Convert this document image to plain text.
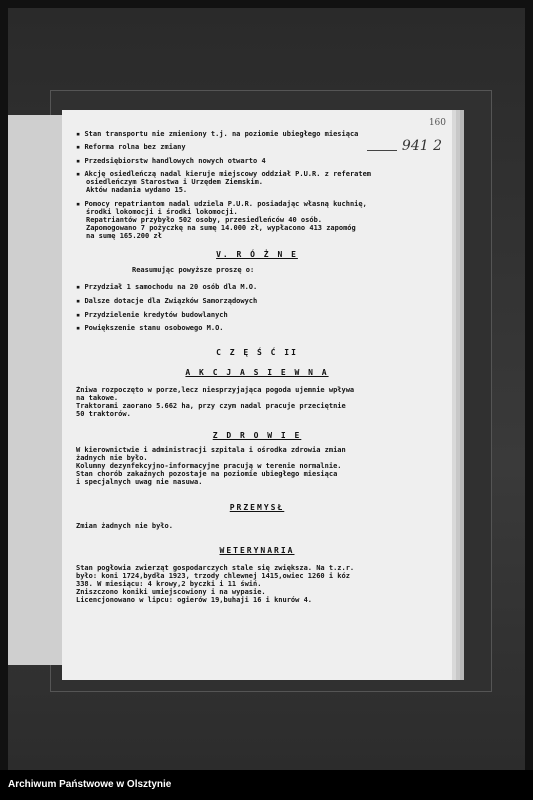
160
941 2
▪ Stan transportu nie zmieniony t.j. na poziomie ubiegłego miesiąca
▪ Reforma rolna bez zmiany
▪ Przedsiębiorstw handlowych nowych otwarto 4
▪ Akcję osiedleńczą nadal kieruje miejscowy oddział P.U.R. z referatem
osiedleńczym Starostwa i Urzędem Ziemskim.
Aktów nadania wydano 15.
▪ Pomocy repatriantom nadal udziela P.U.R. posiadając własną kuchnię,
środki lokomocji i środki lokomocji.
Repatriantów przybyło 502 osoby, przesiedleńców 40 osób.
Zapomogowano 7 pożyczkę na sumę 14.000 zł, wypłacono 413 zapomóg
na sumę 165.200 zł
V. R Ó Ż N E
Reasumując powyższe proszę o:
▪ Przydział 1 samochodu na 20 osób dla M.O.
▪ Dalsze dotacje dla Związków Samorządowych
▪ Przydzielenie kredytów budowlanych
▪ Powiększenie stanu osobowego M.O.
C Z Ę Ś Ć II
A K C J A S I E W N A
Żniwa rozpoczęto w porze,lecz niesprzyjająca pogoda ujemnie wpływa
na takowe.
Traktorami zaorano 5.662 ha, przy czym nadal pracuje przeciętnie
50 traktorów.
Z D R O W I E
W kierownictwie i administracji szpitala i ośrodka zdrowia zmian
żadnych nie było.
Kolumny dezynfekcyjno-informacyjne pracują w terenie normalnie.
Stan chorób zakaźnych pozostaje na poziomie ubiegłego miesiąca
i specjalnych uwag nie nasuwa.
PRZEMYSŁ
Zmian żadnych nie było.
WETERYNARIA
Stan pogłowia zwierząt gospodarczych stale się zwiększa. Na t.z.r.
było: koni 1724,bydła 1923, trzody chlewnej 1415,owiec 1260 i kóz
338. W miesiącu: 4 krowy,2 byczki i 11 świń.
Zniszczono koniki umiejscowiony i na wypasie.
Licencjonowano w lipcu: ogierów 19,buhaji 16 i knurów 4.
Archiwum Państwowe w Olsztynie
